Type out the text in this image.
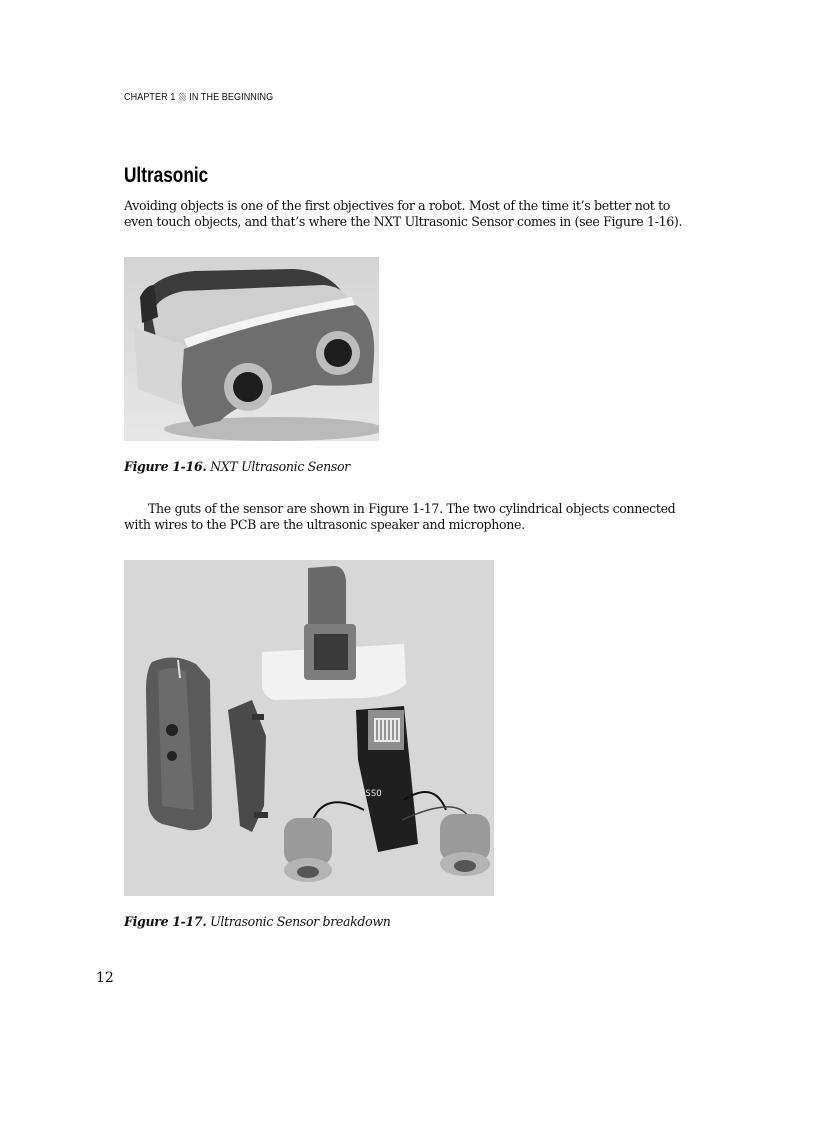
CHAPTER 1 IN THE BEGINNING
Ultrasonic

Avoiding objects is one of the first objectives for a robot. Most of the time it’s better not to even touch objects, and that’s where the NXT Ultrasonic Sensor comes in (see Figure 1-16).

Figure 1-16. NXT Ultrasonic Sensor

The guts of the sensor are shown in Figure 1-17. The two cylindrical objects connected with wires to the PCB are the ultrasonic speaker and microphone.

FSSO

Figure 1-17. Ultrasonic Sensor breakdown

12
